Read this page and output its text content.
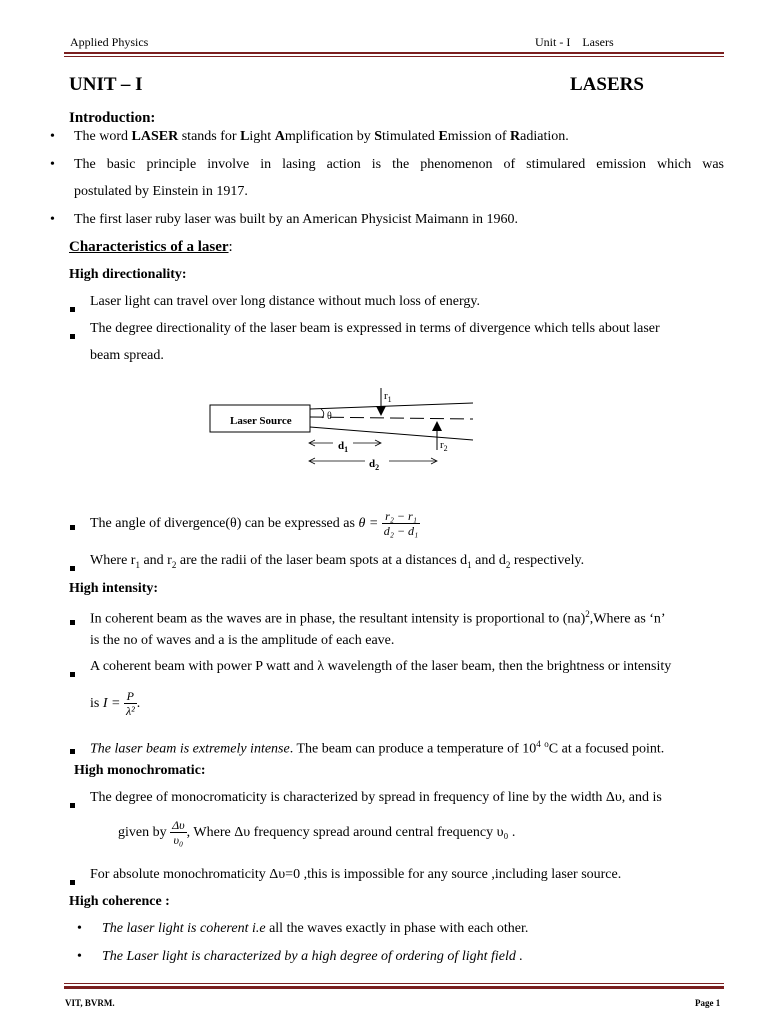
Applied Physics	Unit - I    Lasers
UNIT – I	LASERS
Introduction:
• The word LASER stands for Light Amplification by Stimulated Emission of Radiation.
• The basic principle involve in lasing action is the phenomenon of stimulared emission which was
postulated by Einstein in 1917.
• The first laser ruby laser was built by an American Physicist Maimann in 1960.
Characteristics of a laser:
High directionality:
Laser light can travel over long distance without much loss of energy.
The degree directionality of the laser beam is expressed in terms of divergence which tells about laser
beam spread.
Laser Source	θ
$r_1$
$r_2$
$d_1$
$d_2$
The angle of divergence(θ) can be expressed as $\theta = \frac{\text{r₂ − r₁}}{\text{d₂ − d₁}}$
Where $r_1$ and $r_2$ are the radii of the laser beam spots at a distances $d_1$ and $d_2$ respectively.
High intensity:
In coherent beam as the waves are in phase, the resultant intensity is proportional to (na)$^2$,Where as ‘n’
is the no of waves and a is the amplitude of each eave.
A coherent beam with power P watt and λ wavelength of the laser beam, then the brightness or intensity
is $I = \frac{P}{\text{λ²}}$ .
The laser beam is extremely intense. The beam can produce a temperature of $10^4$ $^o$C at a focused point.
High monochromatic:
The degree of monocromaticity is characterized by spread in frequency of line by the width Δυ, and is
given by $\frac{\Delta\upsilon}{\text{υ₀}}$ , Where Δυ frequency spread around central frequency υ₀ .
For absolute monochromaticity Δυ=0 ,this is impossible for any source ,including laser source.
High coherence :
• The laser light is coherent i.e all the waves exactly in phase with each other.
• The Laser light is characterized by a high degree of ordering of light field .
VIT, BVRM.	Page 1
